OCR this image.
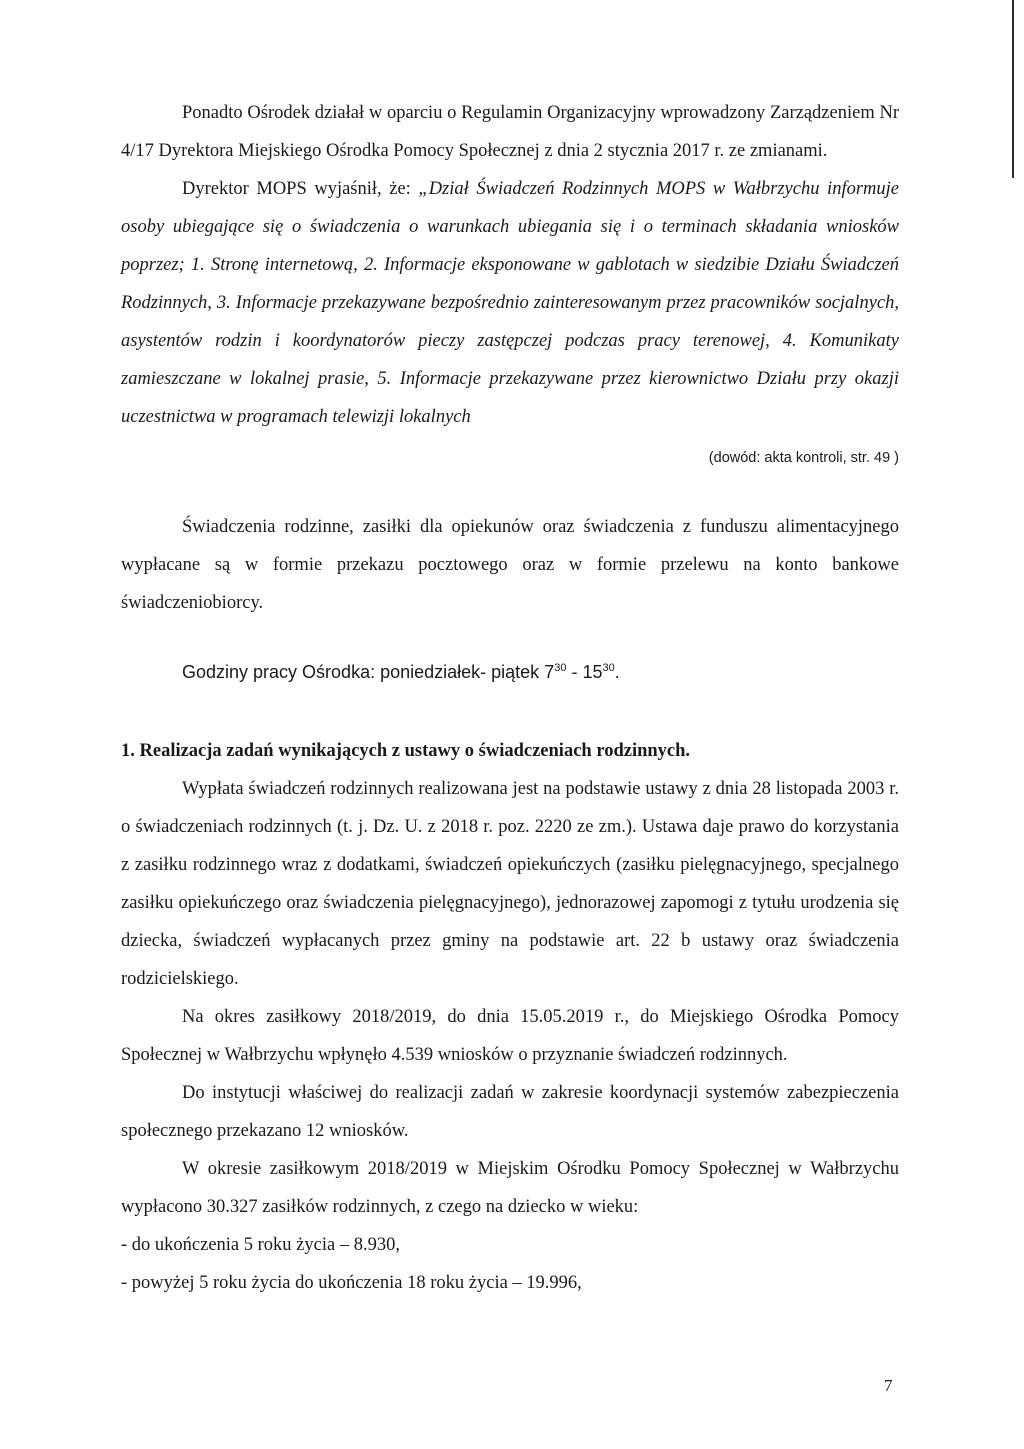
Ponadto Ośrodek działał w oparciu o Regulamin Organizacyjny wprowadzony Zarządzeniem Nr 4/17 Dyrektora Miejskiego Ośrodka Pomocy Społecznej z dnia 2 stycznia 2017 r. ze zmianami.

Dyrektor MOPS wyjaśnił, że: „Dział Świadczeń Rodzinnych MOPS w Wałbrzychu informuje osoby ubiegające się o świadczenia o warunkach ubiegania się i o terminach składania wniosków poprzez; 1. Stronę internetową, 2. Informacje eksponowane w gablotach w siedzibie Działu Świadczeń Rodzinnych, 3. Informacje przekazywane bezpośrednio zainteresowanym przez pracowników socjalnych, asystentów rodzin i koordynatorów pieczy zastępczej podczas pracy terenowej, 4. Komunikaty zamieszczane w lokalnej prasie, 5. Informacje przekazywane przez kierownictwo Działu przy okazji uczestnictwa w programach telewizji lokalnych

(dowód: akta kontroli, str. 49 )

Świadczenia rodzinne, zasiłki dla opiekunów oraz świadczenia z funduszu alimentacyjnego wypłacane są w formie przekazu pocztowego oraz w formie przelewu na konto bankowe świadczeniobiorcy.

Godziny pracy Ośrodka: poniedziałek- piątek $7^{30} - 15^{30}$.

1. Realizacja zadań wynikających z ustawy o świadczeniach rodzinnych.

Wypłata świadczeń rodzinnych realizowana jest na podstawie ustawy z dnia 28 listopada 2003 r. o świadczeniach rodzinnych (t. j. Dz. U. z 2018 r. poz. 2220 ze zm.). Ustawa daje prawo do korzystania z zasiłku rodzinnego wraz z dodatkami, świadczeń opiekuńczych (zasiłku pielęgnacyjnego, specjalnego zasiłku opiekuńczego oraz świadczenia pielęgnacyjnego), jednorazowej zapomogi z tytułu urodzenia się dziecka, świadczeń wypłacanych przez gminy na podstawie art. 22 b ustawy oraz świadczenia rodzicielskiego.

Na okres zasiłkowy 2018/2019, do dnia 15.05.2019 r., do Miejskiego Ośrodka Pomocy Społecznej w Wałbrzychu wpłynęło 4.539 wniosków o przyznanie świadczeń rodzinnych.

Do instytucji właściwej do realizacji zadań w zakresie koordynacji systemów zabezpieczenia społecznego przekazano 12 wniosków.

W okresie zasiłkowym 2018/2019 w Miejskim Ośrodku Pomocy Społecznej w Wałbrzychu wypłacono 30.327 zasiłków rodzinnych, z czego na dziecko w wieku:

- do ukończenia 5 roku życia – 8.930,

- powyżej 5 roku życia do ukończenia 18 roku życia – 19.996,

7
